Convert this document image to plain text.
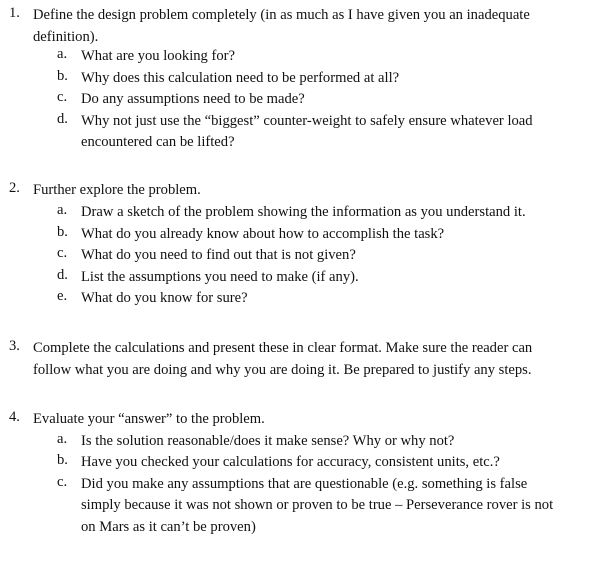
1. Define the design problem completely (in as much as I have given you an inadequate
definition).
a. What are you looking for?
b. Why does this calculation need to be performed at all?
c. Do any assumptions need to be made?
d. Why not just use the “biggest” counter-weight to safely ensure whatever load
encountered can be lifted?
2. Further explore the problem.
a. Draw a sketch of the problem showing the information as you understand it.
b. What do you already know about how to accomplish the task?
c. What do you need to find out that is not given?
d. List the assumptions you need to make (if any).
e. What do you know for sure?
3. Complete the calculations and present these in clear format. Make sure the reader can
follow what you are doing and why you are doing it. Be prepared to justify any steps.
4. Evaluate your “answer” to the problem.
a. Is the solution reasonable/does it make sense? Why or why not?
b. Have you checked your calculations for accuracy, consistent units, etc.?
c. Did you make any assumptions that are questionable (e.g. something is false
simply because it was not shown or proven to be true – Perseverance rover is not
on Mars as it can’t be proven)
